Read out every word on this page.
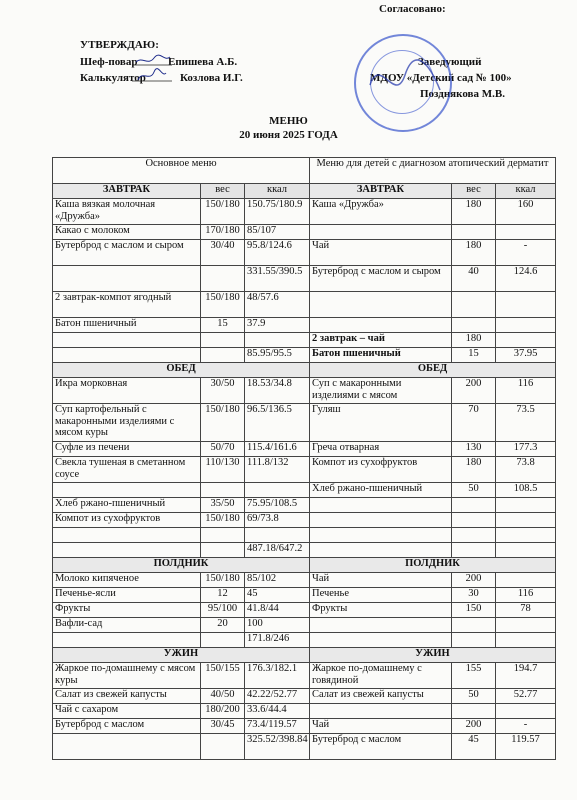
Согласовано:
УТВЕРЖДАЮ:
Шеф-повар	Епишева А.Б.
Калькулятор	Козлова И.Г.
Заведующий
МДОУ «Детский сад № 100»
Позднякова М.В.
МЕНЮ
20 июня 2025 ГОДА
Основное меню			Меню для детей с диагнозом атопический дерматит		
ЗАВТРАК	вес	ккал	ЗАВТРАК	вес	ккал
Каша вязкая молочная «Дружба»	150/180	150.75/180.9	Каша «Дружба»	180	160
Какао с молоком	170/180	85/107			
Бутерброд с маслом и сыром	30/40	95.8/124.6	Чай	180	-
		331.55/390.5	Бутерброд с маслом и сыром	40	124.6
2 завтрак-компот ягодный	150/180	48/57.6			
Батон пшеничный	15	37.9			
			2 завтрак – чай	180	
		85.95/95.5	Батон пшеничный	15	37.95
ОБЕД			ОБЕД		
Икра морковная	30/50	18.53/34.8	Суп с макаронными изделиями с мясом	200	116
Суп картофельный с макаронными изделиями с мясом куры	150/180	96.5/136.5	Гуляш	70	73.5
Суфле из печени	50/70	115.4/161.6	Греча отварная	130	177.3
Свекла тушеная в сметанном соусе	110/130	111.8/132	Компот из сухофруктов	180	73.8
			Хлеб ржано-пшеничный	50	108.5
Хлеб ржано-пшеничный	35/50	75.95/108.5			
Компот из сухофруктов	150/180	69/73.8			

		487.18/647.2			
ПОЛДНИК			ПОЛДНИК		
Молоко кипяченое	150/180	85/102	Чай	200	
Печенье-ясли	12	45	Печенье	30	116
Фрукты	95/100	41.8/44	Фрукты	150	78
Вафли-сад	20	100			
		171.8/246			
УЖИН			УЖИН		
Жаркое по-домашнему с мясом куры	150/155	176.3/182.1	Жаркое по-домашнему с говядиной	155	194.7
Салат из свежей капусты	40/50	42.22/52.77	Салат из свежей капусты	50	52.77
Чай с сахаром	180/200	33.6/44.4			
Бутерброд с маслом	30/45	73.4/119.57	Чай	200	-
		325.52/398.84	Бутерброд с маслом	45	119.57
